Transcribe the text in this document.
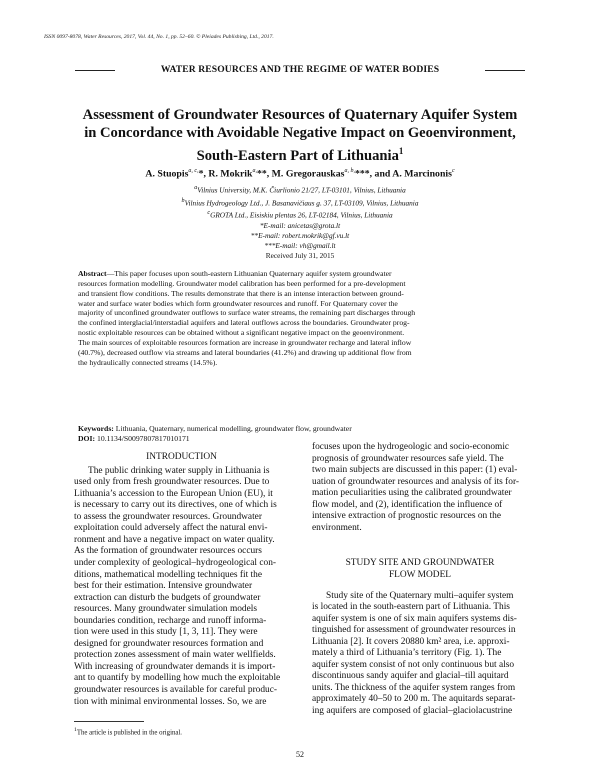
ISSN 0097-8078, Water Resources, 2017, Vol. 44, No. 1, pp. 52–60. © Pleiades Publishing, Ltd., 2017.
WATER RESOURCES AND THE REGIME OF WATER BODIES
Assessment of Groundwater Resources of Quaternary Aquifer System
in Concordance with Avoidable Negative Impact on Geoenvironment,
South-Eastern Part of Lithuania$^1$
A. Stuopis$^{a, c,}$*, R. Mokrik$^{a,}$**, M. Gregorauskas$^{a, b,}$***, and A. Marcinonis$^c$
$^a$Vilnius University, M.K. Čiurlionio 21/27, LT-03101, Vilnius, Lithuania
$^b$Vilnius Hydrogeology Ltd., J. Basanavičiaus g. 37, LT-03109, Vilnius, Lithuania
$^c$GROTA Ltd., Eisiskiu plentas 26, LT-02184, Vilnius, Lithuania
*E-mail: anicetas@grota.lt
**E-mail: robert.mokrik@gf.vu.lt
***E-mail: vh@gmail.lt
Received July 31, 2015
Abstract—This paper focuses upon south-eastern Lithuanian Quaternary aquifer system groundwater
resources formation modelling. Groundwater model calibration has been performed for a pre-development
and transient flow conditions. The results demonstrate that there is an intense interaction between ground-
water and surface water bodies which form groundwater resources and runoff. For Quaternary cover the
majority of unconfined groundwater outflows to surface water streams, the remaining part discharges through
the confined interglacial/interstadial aquifers and lateral outflows across the boundaries. Groundwater prog-
nostic exploitable resources can be obtained without a significant negative impact on the geoenvironment.
The main sources of exploitable resources formation are increase in groundwater recharge and lateral inflow
(40.7%), decreased outflow via streams and lateral boundaries (41.2%) and drawing up additional flow from
the hydraulically connected streams (14.5%).
Keywords: Lithuania, Quaternary, numerical modelling, groundwater flow, groundwater
DOI: 10.1134/S0097807817010171
INTRODUCTION
The public drinking water supply in Lithuania is
used only from fresh groundwater resources. Due to
Lithuania’s accession to the European Union (EU), it
is necessary to carry out its directives, one of which is
to assess the groundwater resources. Groundwater
exploitation could adversely affect the natural envi-
ronment and have a negative impact on water quality.
As the formation of groundwater resources occurs
under complexity of geological–hydrogeological con-
ditions, mathematical modelling techniques fit the
best for their estimation. Intensive groundwater
extraction can disturb the budgets of groundwater
resources. Many groundwater simulation models
boundaries condition, recharge and runoff informa-
tion were used in this study [1, 3, 11]. They were
designed for groundwater resources formation and
protection zones assessment of main water wellfields.
With increasing of groundwater demands it is import-
ant to quantify by modelling how much the exploitable
groundwater resources is available for careful produc-
tion with minimal environmental losses. So, we are
focuses upon the hydrogeologic and socio-economic
prognosis of groundwater resources safe yield. The
two main subjects are discussed in this paper: (1) eval-
uation of groundwater resources and analysis of its for-
mation peculiarities using the calibrated groundwater
flow model, and (2), identification the influence of
intensive extraction of prognostic resources on the
environment.
STUDY SITE AND GROUNDWATER
FLOW MODEL
Study site of the Quaternary multi–aquifer system
is located in the south-eastern part of Lithuania. This
aquifer system is one of six main aquifers systems dis-
tinguished for assessment of groundwater resources in
Lithuania [2]. It covers 20880 km² area, i.e. approxi-
mately a third of Lithuania’s territory (Fig. 1). The
aquifer system consist of not only continuous but also
discontinuous sandy aquifer and glacial–till aquitard
units. The thickness of the aquifer system ranges from
approximately 40–50 to 200 m. The aquitards separat-
ing aquifers are composed of glacial–glaciolacustrine
$^1$The article is published in the original.
52
